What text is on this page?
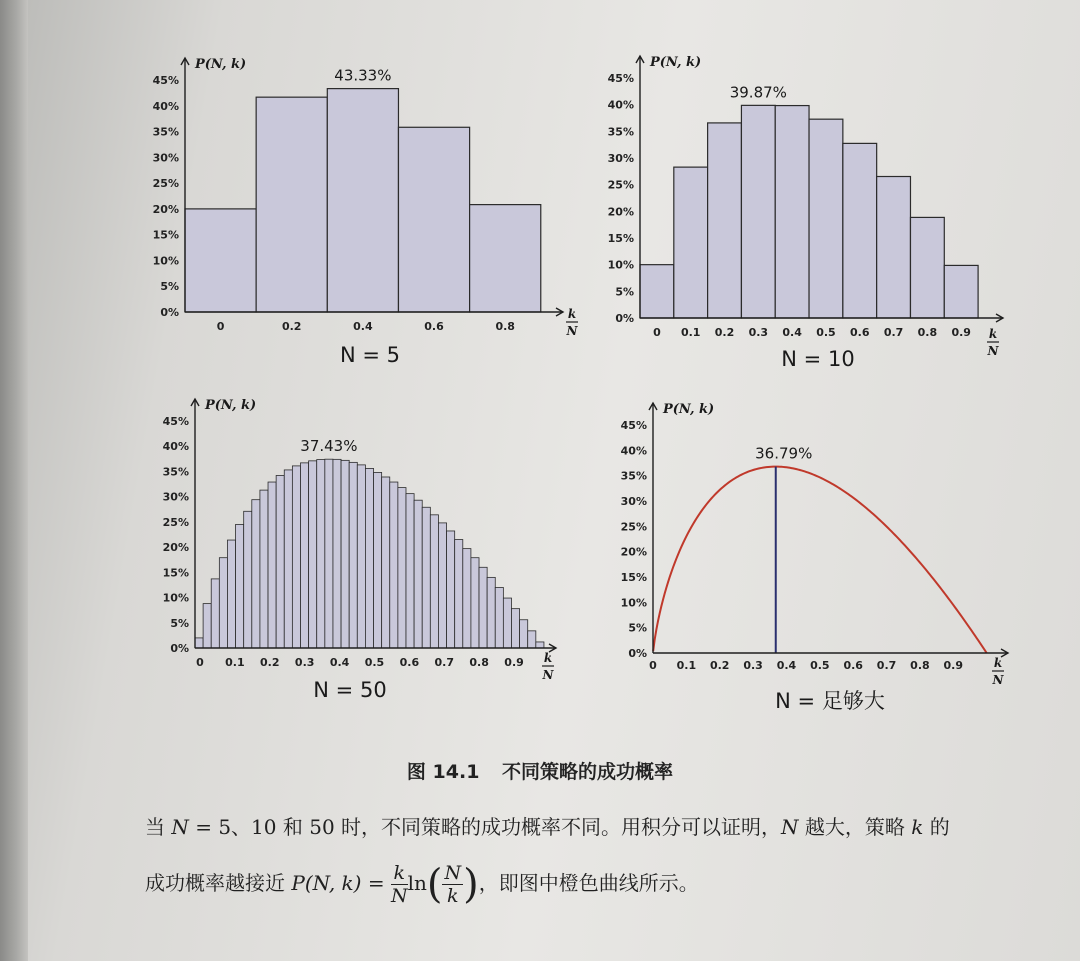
43.33%
0	0.2	0.4	0.6	0.8
0%
5%
10%
15%
20%
25%
30%
35%
40%
45%
P(N, k)
k
N
N = 5
39.87%
0 0.1 0.2 0.3 0.4 0.5 0.6 0.7 0.8 0.9
0%
5%
10%
15%
20%
25%
30%
35%
40%
45%
P(N, k)
k
N
N = 10
37.43%
0 0.1 0.2 0.3 0.4 0.5 0.6 0.7 0.8 0.9
0%
5%
10%
15%
20%
25%
30%
35%
40%
45%
P(N, k)
k
N
N = 50
36.79%
0 0.1 0.2 0.3 0.4 0.5 0.6 0.7 0.8 0.9
0%
5%
10%
15%
20%
25%
30%
35%
40%
45%
P(N, k)
k
N
N = 足够大
图 14.1 不同策略的成功概率
当 N = 5、10 和 50 时，不同策略的成功概率不同。用积分可以证明，N 越大，策略 k 的
成功概率越接近 P(N, $k) = \frac{k}{N} \ln( \frac{N}{k}$ )，即图中橙色曲线所示。
